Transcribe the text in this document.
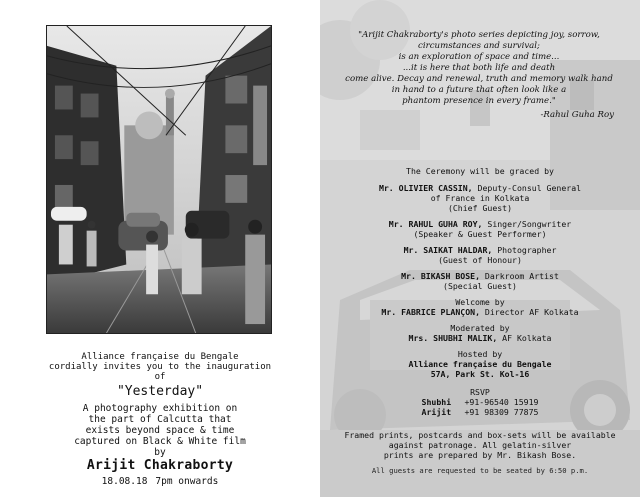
Alliance française du Bengale
cordially invites you to the inauguration
of
"Yesterday"
A photography exhibition on
the part of Calcutta that
exists beyond space & time
captured on Black & White film
by
Arijit Chakraborty
18.08.18 7pm onwards
"Arijit Chakraborty's photo series depicting joy, sorrow,
circumstances and survival;
is an exploration of space and time...
...it is here that both life and death
come alive. Decay and renewal, truth and memory walk hand
in hand to a future that often look like a
phantom presence in every frame."
-Rahul Guha Roy
The Ceremony will be graced by
Mr. OLIVIER CASSIN, Deputy-Consul General
of France in Kolkata
(Chief Guest)
Mr. RAHUL GUHA ROY, Singer/Songwriter
(Speaker & Guest Performer)
Mr. SAIKAT HALDAR, Photographer
(Guest of Honour)
Mr. BIKASH BOSE, Darkroom Artist
(Special Guest)
Welcome by
Mr. FABRICE PLANÇON, Director AF Kolkata
Moderated by
Mrs. SHUBHI MALIK, AF Kolkata
Hosted by
Alliance française du Bengale
57A, Park St. Kol-16
RSVP
Shubhi +91-96540 15919
Arijit +91 98309 77875
Framed prints, postcards and box-sets will be available
against patronage. All gelatin-silver
prints are prepared by Mr. Bikash Bose.
All guests are requested to be seated by 6:50 p.m.
